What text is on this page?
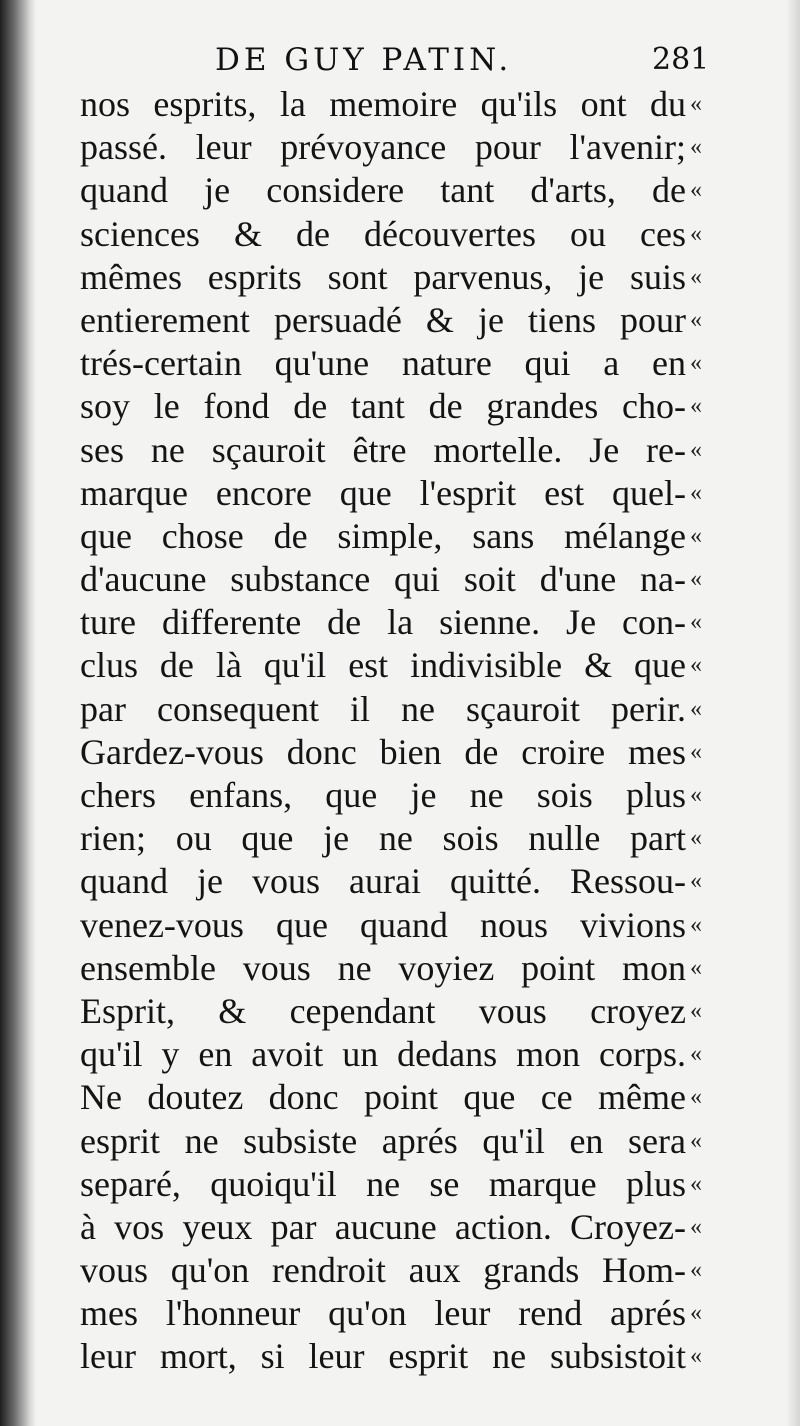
DE GUY PATIN.	281
nos esprits, la memoire qu'ils ont du
passé. leur prévoyance pour l'avenir;
quand je considere tant d'arts, de
sciences & de découvertes ou ces
mêmes esprits sont parvenus, je suis
entierement persuadé & je tiens pour
trés-certain qu'une nature qui a en
soy le fond de tant de grandes cho-
ses ne sçauroit être mortelle. Je re-
marque encore que l'esprit est quel-
que chose de simple, sans mélange
d'aucune substance qui soit d'une na-
ture differente de la sienne. Je con-
clus de là qu'il est indivisible & que
par consequent il ne sçauroit perir.
Gardez-vous donc bien de croire mes
chers enfans, que je ne sois plus
rien; ou que je ne sois nulle part
quand je vous aurai quitté. Ressou-
venez-vous que quand nous vivions
ensemble vous ne voyiez point mon
Esprit, & cependant vous croyez
qu'il y en avoit un dedans mon corps.
Ne doutez donc point que ce même
esprit ne subsiste aprés qu'il en sera
separé, quoiqu'il ne se marque plus
à vos yeux par aucune action. Croyez-
vous qu'on rendroit aux grands Hom-
mes l'honneur qu'on leur rend aprés
leur mort, si leur esprit ne subsistoit
«
«
«
«
«
«
«
«
«
«
«
«
«
«
«
«
«
«
«
«
«
«
«
«
«
«
«
«
«
«
